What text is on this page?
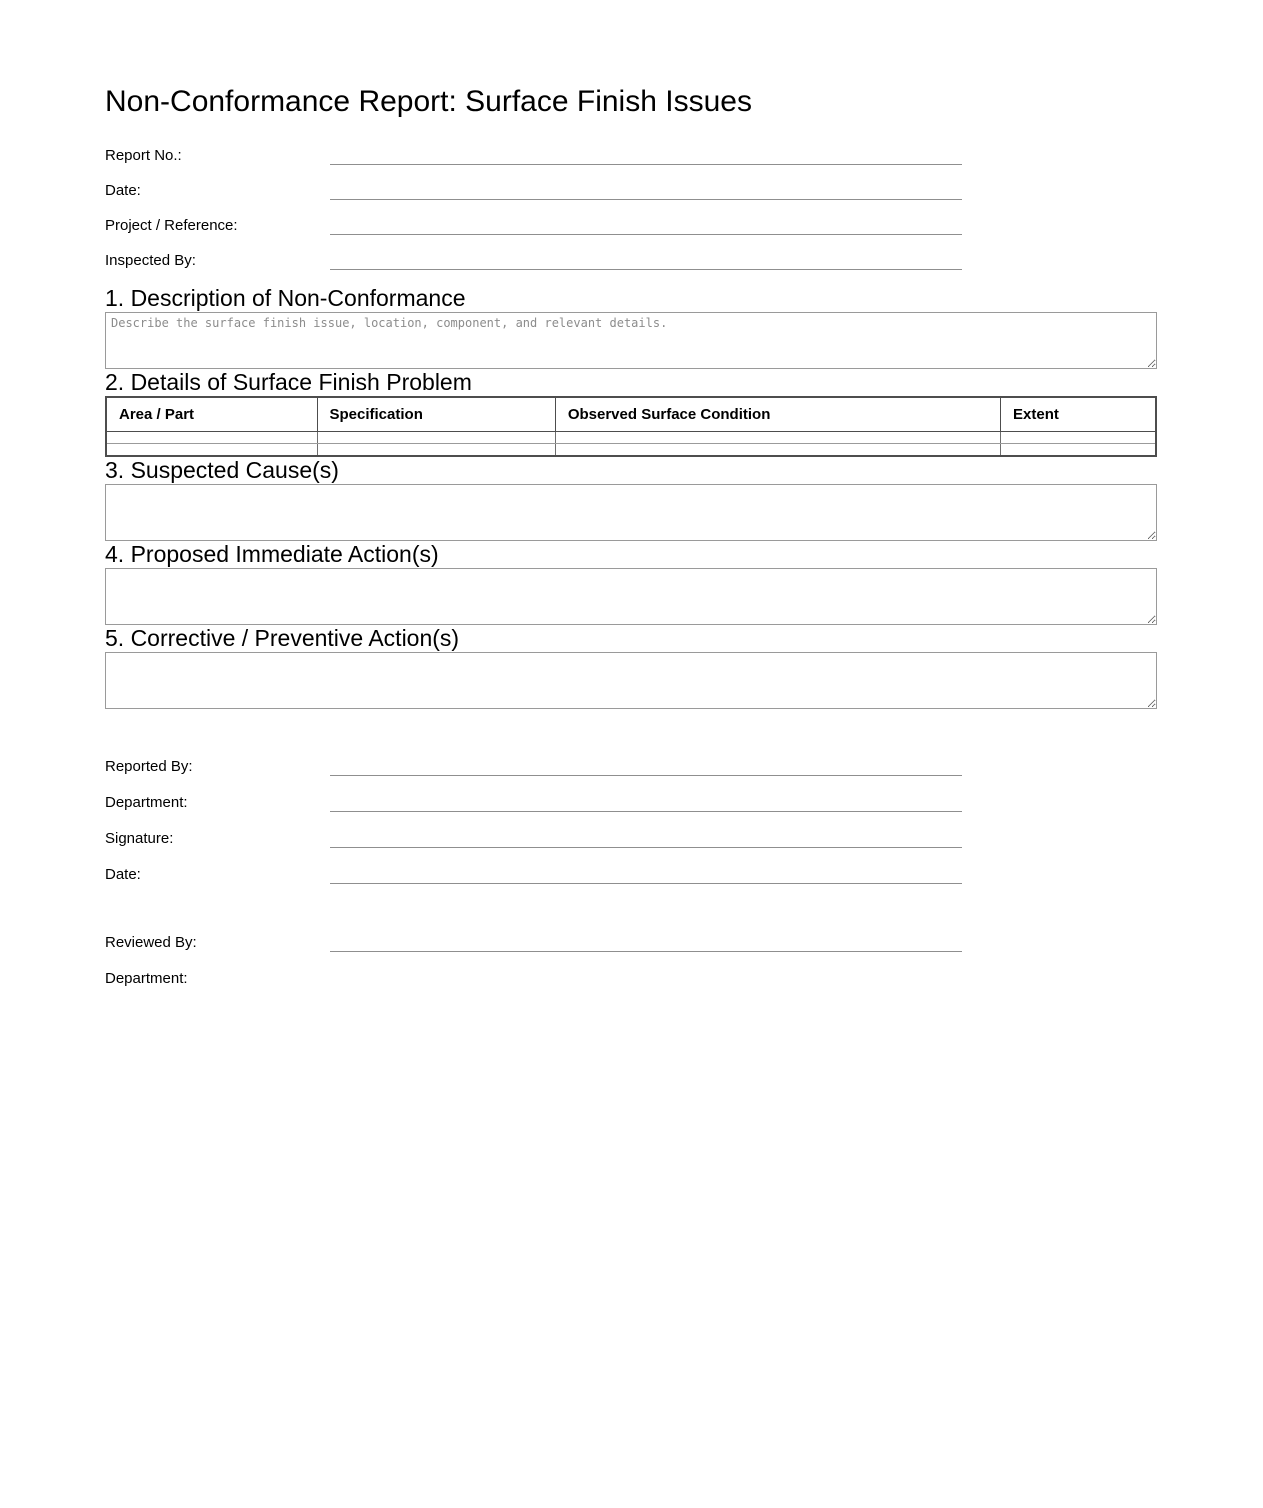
Non-Conformance Report: Surface Finish Issues
Report No.:
Date:
Project / Reference:
Inspected By:
1. Description of Non-Conformance
Describe the surface finish issue, location, component, and relevant details.
2. Details of Surface Finish Problem
Area / Part	Specification	Observed Surface Condition	Extent

3. Suspected Cause(s)
4. Proposed Immediate Action(s)
5. Corrective / Preventive Action(s)
Reported By:
Department:
Signature:
Date:
Reviewed By:
Department:
